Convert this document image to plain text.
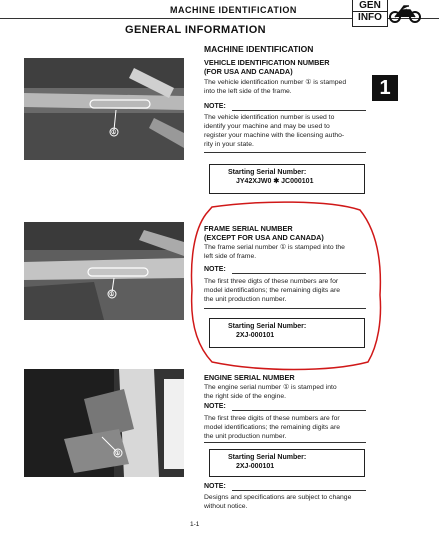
MACHINE IDENTIFICATION	GEN
INFO
GENERAL INFORMATION
1
①
MACHINE IDENTIFICATION
VEHICLE IDENTIFICATION NUMBER
(FOR USA AND CANADA)
The vehicle identification number ① is stamped
into the left side of the frame.
NOTE:
The vehicle identification number is used to
identify your machine and may be used to
register your machine with the licensing autho-
rity in your state.
Starting Serial Number:
JY42XJW0 ✱ JC000101
①
FRAME SERIAL NUMBER
(EXCEPT FOR USA AND CANADA)
The frame serial number ① is stamped into the
left side of frame.
NOTE:
The first three digts of these numbers are for
model identifications; the remaining digits are
the unit production number.
Starting Serial Number:
2XJ-000101
①
ENGINE SERIAL NUMBER
The engine serial number ① is stamped into
the right side of the engine.
NOTE:
The first three digits of these numbers are for
model identifications; the remaining digits are
the unit production number.
Starting Serial Number:
2XJ-000101
NOTE:
Designs and specifications are subject to change
without notice.
1-1
